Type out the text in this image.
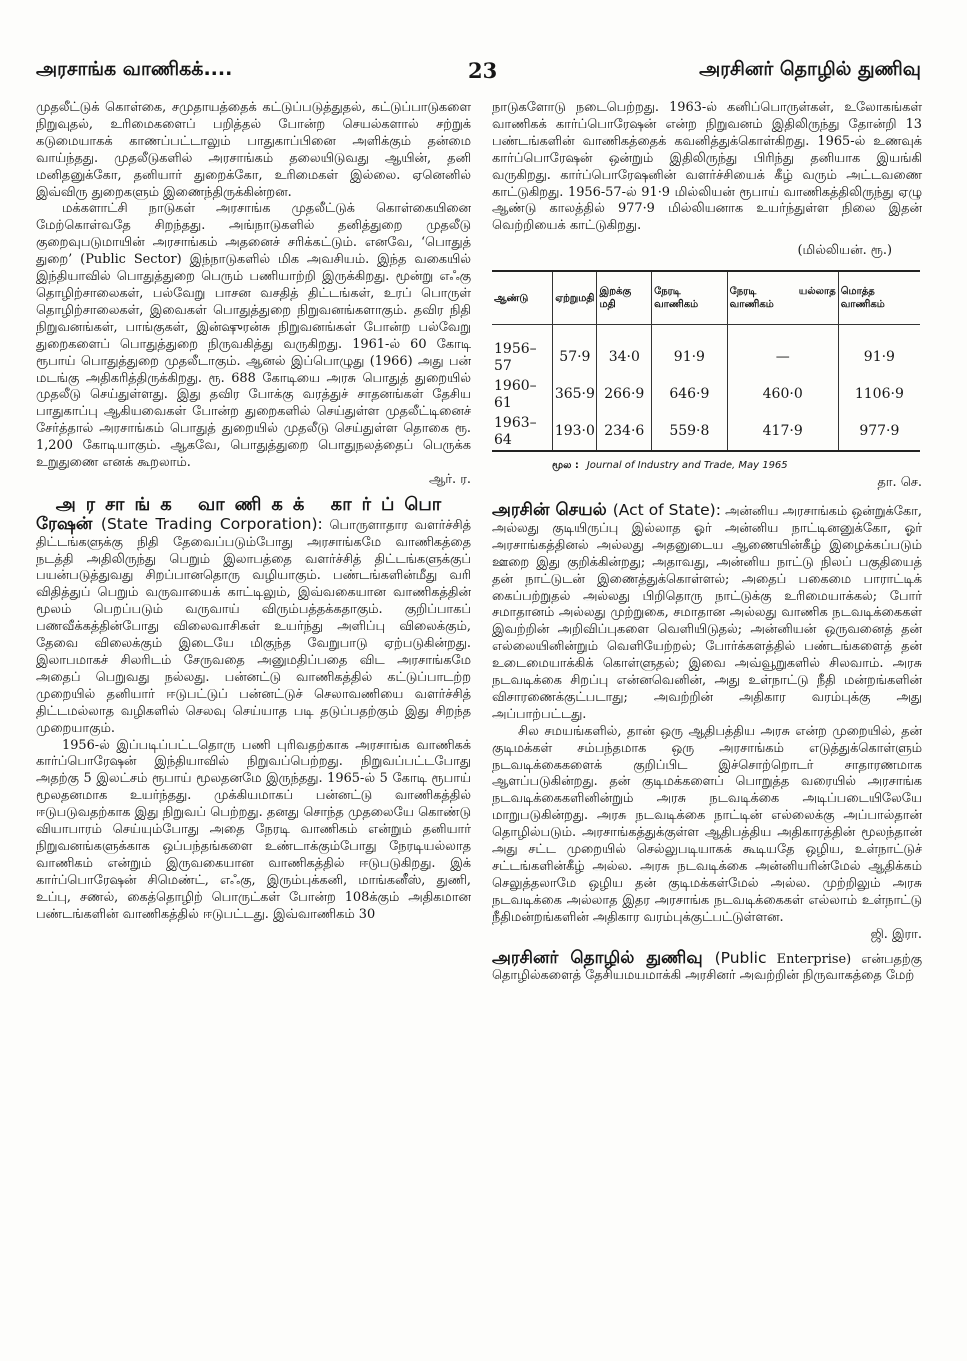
அரசாங்க வாணிகக்....	23	அரசினர் தொழில் துணிவு

முதலீட்டுக் கொள்கை, சமுதாயத்தைக் கட்டுப்படுத்துதல், கட்டுப்பாடுகளை நிறுவுதல், உரிமைகளைப் பறித்தல் போன்ற செயல்களால் சற்றுக் கடுமையாகக் காணப்பட்டாலும் பாதுகாப்பினை அளிக்கும் தன்மை வாய்ந்தது. முதலீடுகளில் அரசாங்கம் தலையிடுவது ஆயின், தனி மனிதனுக்கோ, தனியார் துறைக்கோ, உரிமைகள் இல்லை. ஏனெனில் இவ்விரு துறைகளும் இணைந்திருக்கின்றன.

மக்களாட்சி நாடுகள் அரசாங்க முதலீட்டுக் கொள்கையினை மேற்கொள்வதே சிறந்தது. அங்நாடுகளில் தனித்துறை முதலீடு குறைவுபடுமாயின் அரசாங்கம் அதனைச் சரிக்கட்டும். எனவே, ‘பொதுத் துறை’ (Public Sector) இந்நாடுகளில் மிக அவசியம். இந்த வகையில் இந்தியாவில் பொதுத்துறை பெரும் பணியாற்றி இருக்கிறது. மூன்று எஃகு தொழிற்சாலைகள், பல்வேறு பாசன வசதித் திட்டங்கள், உரப் பொருள் தொழிற்சாலைகள், இவைகள் பொதுத்துறை நிறுவனங்களாகும். தவிர நிதி நிறுவனங்கள், பாங்குகள், இன்ஷுரன்சு நிறுவனங்கள் போன்ற பல்வேறு துறைகளைப் பொதுத்துறை நிருவகித்து வருகிறது. 1961-ல் 60 கோடி ரூபாய் பொதுத்துறை முதலீடாகும். ஆனல் இப்பொழுது (1966) அது பன் மடங்கு அதிகரித்திருக்கிறது. ரூ. 688 கோடியை அரசு பொதுத் துறையில் முதலீடு செய்துள்ளது. இது தவிர போக்கு வரத்துச் சாதனங்கள் தேசிய பாதுகாப்பு ஆகியவைகள் போன்ற துறைகளில் செய்துள்ள முதலீட்டினைச் சேர்த்தால் அரசாங்கம் பொதுத் துறையில் முதலீடு செய்துள்ள தொகை ரூ. 1,200 கோடியாகும். ஆகவே, பொதுத்துறை பொதுநலத்தைப் பெருக்க உறுதுணை எனக் கூறலாம்.

ஆர். ர.

அரசாங்க வாணிகக் கார்ப்பொ

ரேஷன் (State Trading Corporation): பொருளாதார வளர்ச்சித் திட்டங்களுக்கு நிதி தேவைப்படும்போது அரசாங்கமே வாணிகத்தை நடத்தி அதிலிருந்து பெறும் இலாபத்தை வளர்ச்சித் திட்டங்களுக்குப் பயன்படுத்துவது சிறப்பானதொரு வழியாகும். பண்டங்களின்மீது வரி விதித்துப் பெறும் வருவாயைக் காட்டிலும், இவ்வகையான வாணிகத்தின் மூலம் பெறப்படும் வருவாய் விரும்பத்தக்கதாகும். குறிப்பாகப் பணவீக்கத்தின்போது விலைவாசிகள் உயர்ந்து அளிப்பு விலைக்கும், தேவை விலைக்கும் இடையே மிகுந்த வேறுபாடு ஏற்படுகின்றது. இலாபமாகச் சிலரிடம் சேருவதை அனுமதிப்பதை விட அரசாங்கமே அதைப் பெறுவது நல்லது. பன்னட்டு வாணிகத்தில் கட்டுப்பாடற்ற முறையில் தனியார் ஈடுபட்டுப் பன்னட்டுச் செலாவணியை வளர்ச்சித் திட்டமல்லாத வழிகளில் செலவு செய்யாத படி தடுப்பதற்கும் இது சிறந்த முறையாகும்.

1956-ல் இப்படிப்பட்டதொரு பணி புரிவதற்காக அரசாங்க வாணிகக் கார்ப்பொரேஷன் இந்தியாவில் நிறுவப்பெற்றது. நிறுவப்பட்டபோது அதற்கு 5 இலட்சம் ரூபாய் மூலதனமே இருந்தது. 1965-ல் 5 கோடி ரூபாய் மூலதனமாக உயர்ந்தது. முக்கியமாகப் பன்னட்டு வாணிகத்தில் ஈடுபடுவதற்காக இது நிறுவப் பெற்றது. தனது சொந்த முதலையே கொண்டு வியாபாரம் செய்யும்போது அதை நேரடி வாணிகம் என்றும் தனியார் நிறுவனங்களுக்காக ஒப்பந்தங்களை உண்டாக்கும்போது நேரடியல்லாத வாணிகம் என்றும் இருவகையான வாணிகத்தில் ஈடுபடுகிறது. இக் கார்ப்பொரேஷன் சிமெண்ட், எஃகு, இரும்புக்கனி, மாங்கனீஸ், துணி, உப்பு, சணல், கைத்தொழிற் பொருட்கள் போன்ற 108க்கும் அதிகமான பண்டங்களின் வாணிகத்தில் ஈடுபட்டது. இவ்வாணிகம் 30

நாடுகளோடு நடைபெற்றது. 1963-ல் கனிப்பொருள்கள், உலோகங்கள் வாணிகக் கார்ப்பொரேஷன் என்ற நிறுவனம் இதிலிருந்து தோன்றி 13 பண்டங்களின் வாணிகத்தைக் கவனித்துக்கொள்கிறது. 1965-ல் உணவுக் கார்ப்பொரேஷன் ஒன்றும் இதிலிருந்து பிரிந்து தனியாக இயங்கி வருகிறது. கார்ப்பொரேஷனின் வளர்ச்சியைக் கீழ் வரும் அட்டவணை காட்டுகிறது. 1956-57-ல் 91·9 மில்லியன் ரூபாய் வாணிகத்திலிருந்து ஏழு ஆண்டு காலத்தில் 977·9 மில்லியனாக உயர்ந்துள்ள நிலை இதன் வெற்றியைக் காட்டுகிறது.

(மில்லியன். ரூ.)
ஆண்டு	ஏற்றுமதி	இறக்கு மதி	நேரடி வாணிகம்	நேரடி யல்லாத வாணிகம்	மொத்த வாணிகம்
1956–57	57·9	34·0	91·9	—	91·9
1960–61	365·9	266·9	646·9	460·0	1106·9
1963–64	193·0	234·6	559·8	417·9	977·9
மூல : Journal of Industry and Trade, May 1965

தா. செ.

அரசின் செயல் (Act of State): அன்னிய அரசாங்கம் ஒன்றுக்கோ, அல்லது குடியிருப்பு இல்லாத ஓர் அன்னிய நாட்டினனுக்கோ, ஓர் அரசாங்கத்தினல் அல்லது அதனுடைய ஆணையின்கீழ் இழைக்கப்படும் ஊறை இது குறிக்கின்றது; அதாவது, அன்னிய நாட்டு நிலப் பகுதியைத் தன் நாட்டுடன் இணைத்துக்கொள்ளல்; அதைப் பகைமை பாராட்டிக் கைப்பற்றுதல் அல்லது பிறிதொரு நாட்டுக்கு உரிமையாக்கல்; போர் சமாதானம் அல்லது முற்றுகை, சமாதான அல்லது வாணிக நடவடிக்கைகள் இவற்றின் அறிவிப்புகளை வெளியிடுதல்; அன்னியன் ஒருவனைத் தன் எல்லையினின்றும் வெளியேற்றல்; போர்க்களத்தில் பண்டங்களைத் தன் உடைமையாக்கிக் கொள்ளுதல்; இவை அவ்வூறுகளில் சிலவாம். அரசு நடவடிக்கை சிறப்பு என்னவெனின், அது உள்நாட்டு நீதி மன்றங்களின் விசாரணைக்குட்படாது; அவற்றின் அதிகார வரம்புக்கு அது அப்பாற்பட்டது.

சில சமயங்களில், தான் ஒரு ஆதிபத்திய அரசு என்ற முறையில், தன் குடிமக்கள் சம்பந்தமாக ஒரு அரசாங்கம் எடுத்துக்கொள்ளும் நடவடிக்கைகளைக் குறிப்பிட இச்சொற்றொடர் சாதாரணமாக ஆளப்படுகின்றது. தன் குடிமக்களைப் பொறுத்த வரையில் அரசாங்க நடவடிக்கைகளினின்றும் அரசு நடவடிக்கை அடிப்படையிலேயே மாறுபடுகின்றது. அரசு நடவடிக்கை நாட்டின் எல்லைக்கு அப்பால்தான் தொழில்படும். அரசாங்கத்துக்குள்ள ஆதிபத்திய அதிகாரத்தின் மூலந்தான் அது சட்ட முறையில் செல்லுபடியாகக் கூடியதே ஒழிய, உள்நாட்டுச் சட்டங்களின்கீழ் அல்ல. அரசு நடவடிக்கை அன்னியரின்மேல் ஆதிக்கம் செலுத்தலாமே ஒழிய தன் குடிமக்கள்மேல் அல்ல. முற்றிலும் அரசு நடவடிக்கை அல்லாத இதர அரசாங்க நடவடிக்கைகள் எல்லாம் உள்நாட்டு நீதிமன்றங்களின் அதிகார வரம்புக்குட்பட்டுள்ளன.

ஜி. இரா.

அரசினர் தொழில் துணிவு (Public Enterprise) என்பதற்கு தொழில்களைத் தேசியமயமாக்கி அரசினர் அவற்றின் நிருவாகத்தை மேற்
